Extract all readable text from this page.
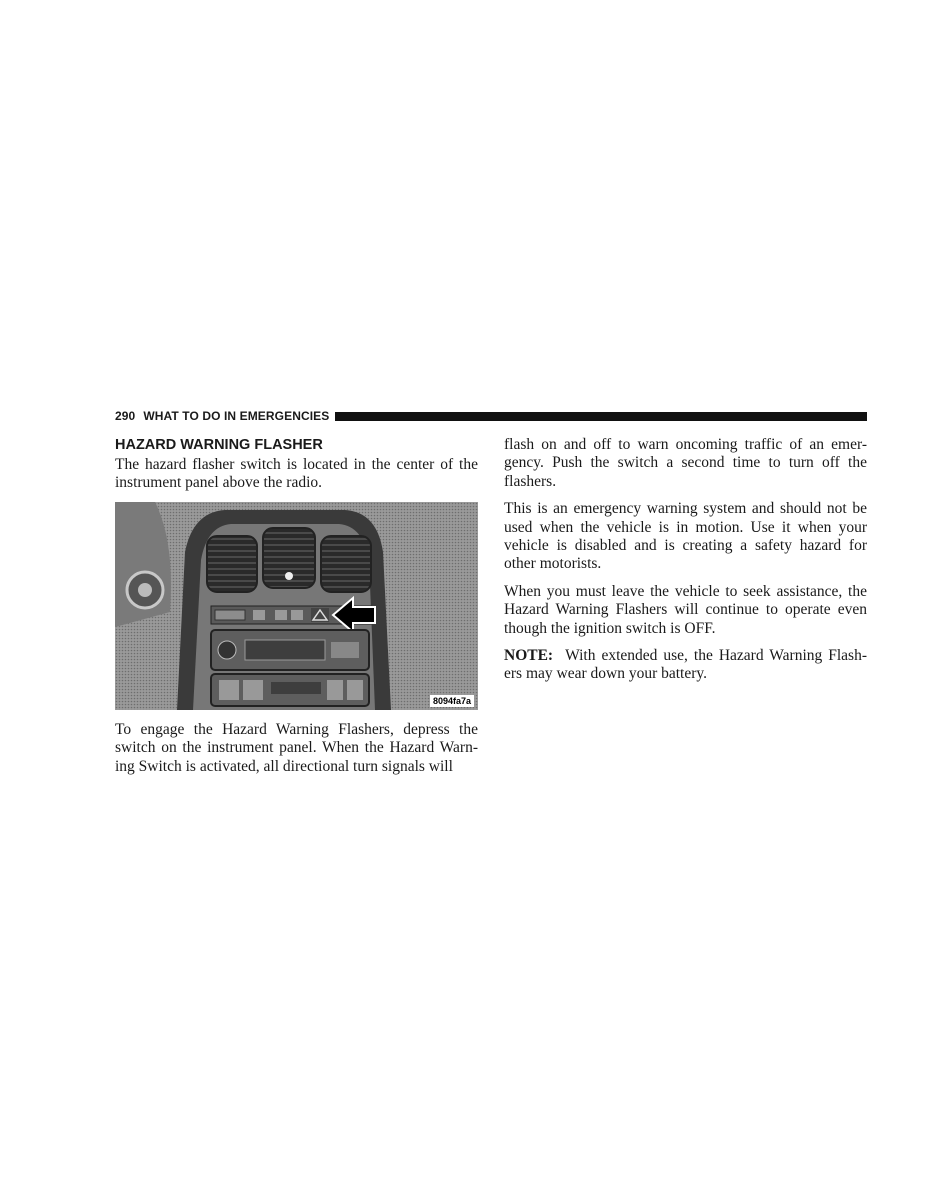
290 WHAT TO DO IN EMERGENCIES
HAZARD WARNING FLASHER

The hazard flasher switch is located in the center of the instrument panel above the radio.

8094fa7a

To engage the Hazard Warning Flashers, depress the switch on the instrument panel. When the Hazard Warn-ing Switch is activated, all directional turn signals will

flash on and off to warn oncoming traffic of an emer-gency. Push the switch a second time to turn off the flashers.

This is an emergency warning system and should not be used when the vehicle is in motion. Use it when your vehicle is disabled and is creating a safety hazard for other motorists.

When you must leave the vehicle to seek assistance, the Hazard Warning Flashers will continue to operate even though the ignition switch is OFF.

NOTE: With extended use, the Hazard Warning Flash-ers may wear down your battery.
